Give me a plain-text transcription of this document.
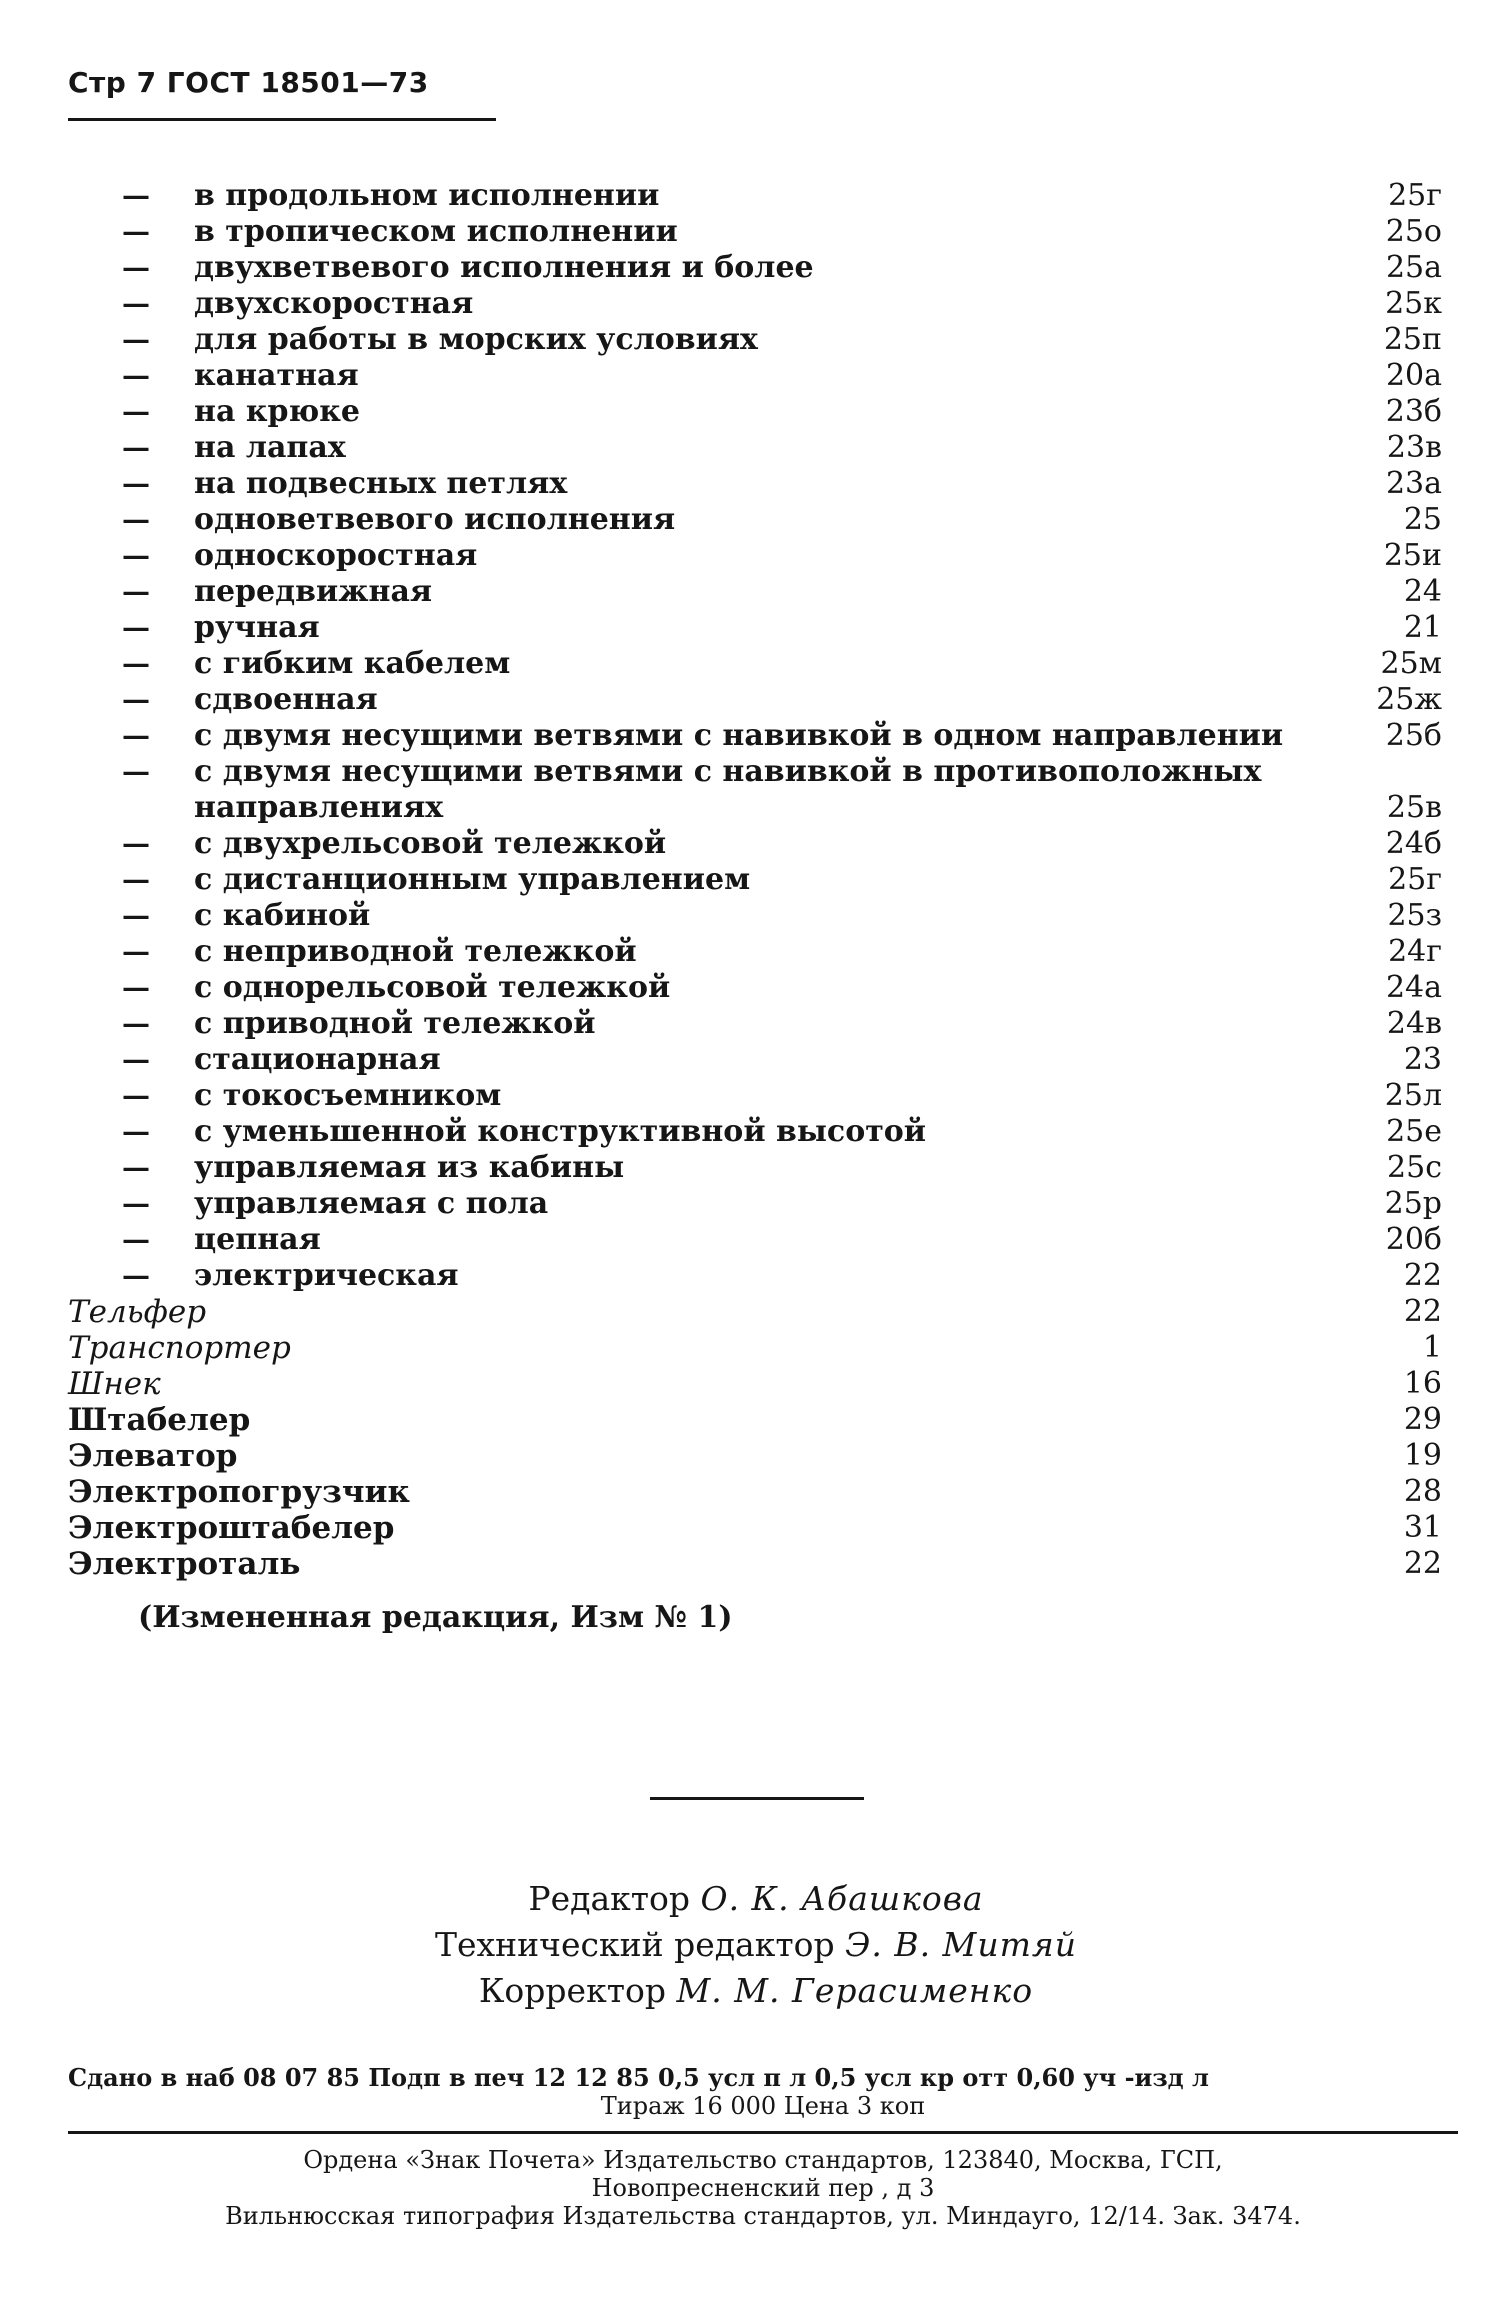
Стр 7 ГОСТ 18501—73
— в продольном исполнении	25г
— в тропическом исполнении	25о
— двухветвевого исполнения и более	25а
— двухскоростная	25к
— для работы в морских условиях	25п
— канатная	20а
— на крюке	23б
— на лапах	23в
— на подвесных петлях	23а
— одноветвевого исполнения	25
— односкоростная	25и
— передвижная	24
— ручная	21
— с гибким кабелем	25м
— сдвоенная	25ж
— с двумя несущими ветвями с навивкой в одном направлении	25б
— с двумя несущими ветвями с навивкой в противоположных
направлениях	25в
— с двухрельсовой тележкой	24б
— с дистанционным управлением	25г
— с кабиной	25з
— с неприводной тележкой	24г
— с однорельсовой тележкой	24а
— с приводной тележкой	24в
— стационарная	23
— с токосъемником	25л
— с уменьшенной конструктивной высотой	25е
— управляемая из кабины	25с
— управляемая с пола	25р
— цепная	20б
— электрическая	22
Тельфер	22
Транспортер	1
Шнек	16
Штабелер	29
Элеватор	19
Электропогрузчик	28
Электроштабелер	31
Электроталь	22
(Измененная редакция, Изм № 1)
Редактор О. К. Абашкова
Технический редактор Э. В. Митяй
Корректор М. М. Герасименко
Сдано в наб 08 07 85 Подп в печ 12 12 85 0,5 усл п л 0,5 усл кр отт 0,60 уч -изд л
Тираж 16 000 Цена 3 коп
Ордена «Знак Почета» Издательство стандартов, 123840, Москва, ГСП,
Новопресненский пер , д 3
Вильнюсская типография Издательства стандартов, ул. Миндауго, 12/14. Зак. 3474.
